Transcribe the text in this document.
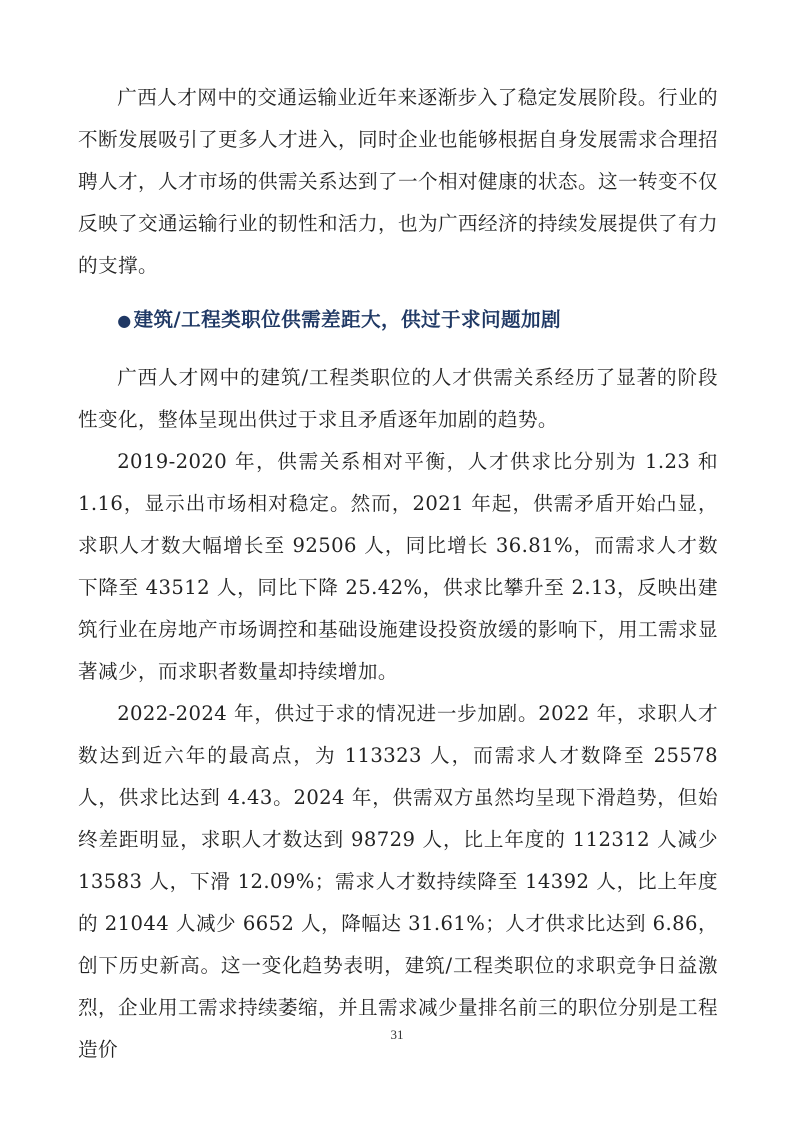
广西人才网中的交通运输业近年来逐渐步入了稳定发展阶段。行业的不断发展吸引了更多人才进入，同时企业也能够根据自身发展需求合理招聘人才，人才市场的供需关系达到了一个相对健康的状态。这一转变不仅反映了交通运输行业的韧性和活力，也为广西经济的持续发展提供了有力的支撑。

● 建筑/工程类职位供需差距大，供过于求问题加剧

广西人才网中的建筑/工程类职位的人才供需关系经历了显著的阶段性变化，整体呈现出供过于求且矛盾逐年加剧的趋势。

2019-2020 年，供需关系相对平衡，人才供求比分别为 1.23 和 1.16，显示出市场相对稳定。然而，2021 年起，供需矛盾开始凸显，求职人才数大幅增长至 92506 人，同比增长 36.81%，而需求人才数下降至 43512 人，同比下降 25.42%，供求比攀升至 2.13，反映出建筑行业在房地产市场调控和基础设施建设投资放缓的影响下，用工需求显著减少，而求职者数量却持续增加。

2022-2024 年，供过于求的情况进一步加剧。2022 年，求职人才数达到近六年的最高点，为 113323 人，而需求人才数降至 25578 人，供求比达到 4.43。2024 年，供需双方虽然均呈现下滑趋势，但始终差距明显，求职人才数达到 98729 人，比上年度的 112312 人减少 13583 人，下滑 12.09%；需求人才数持续降至 14392 人，比上年度的 21044 人减少 6652 人，降幅达 31.61%；人才供求比达到 6.86，创下历史新高。这一变化趋势表明，建筑/工程类职位的求职竞争日益激烈，企业用工需求持续萎缩，并且需求减少量排名前三的职位分别是工程造价

31
